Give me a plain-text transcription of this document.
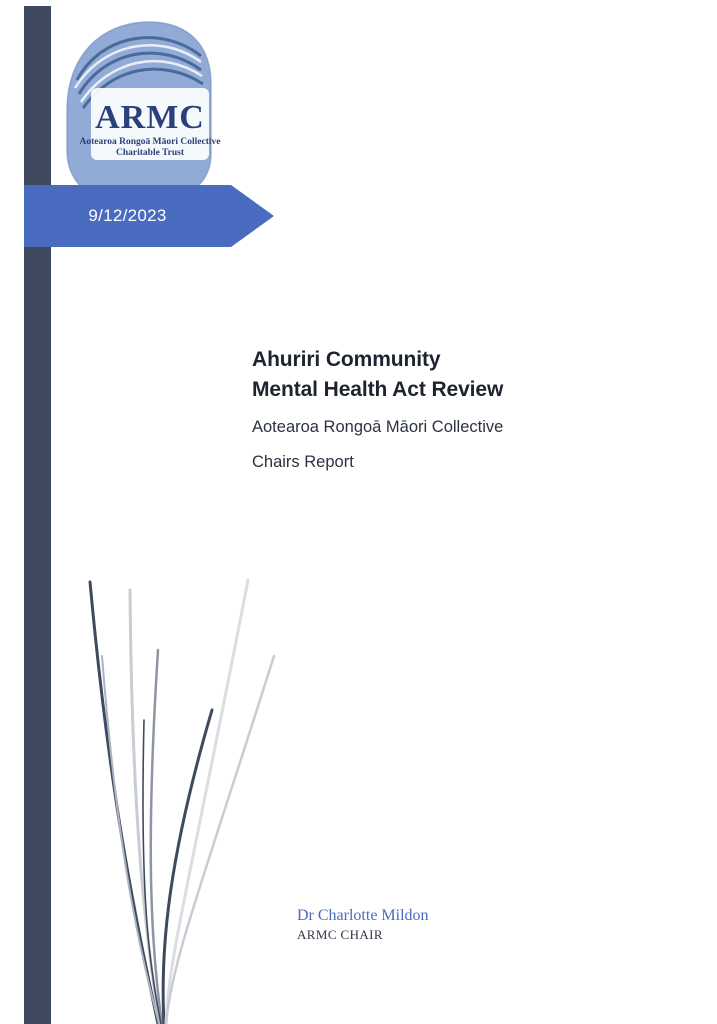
ARMC
Aotearoa Rongoā Māori Collective
Charitable Trust
9/12/2023
Ahuriri Community
Mental Health Act Review
Aotearoa Rongoā Māori Collective
Chairs Report
Dr Charlotte Mildon
ARMC CHAIR
